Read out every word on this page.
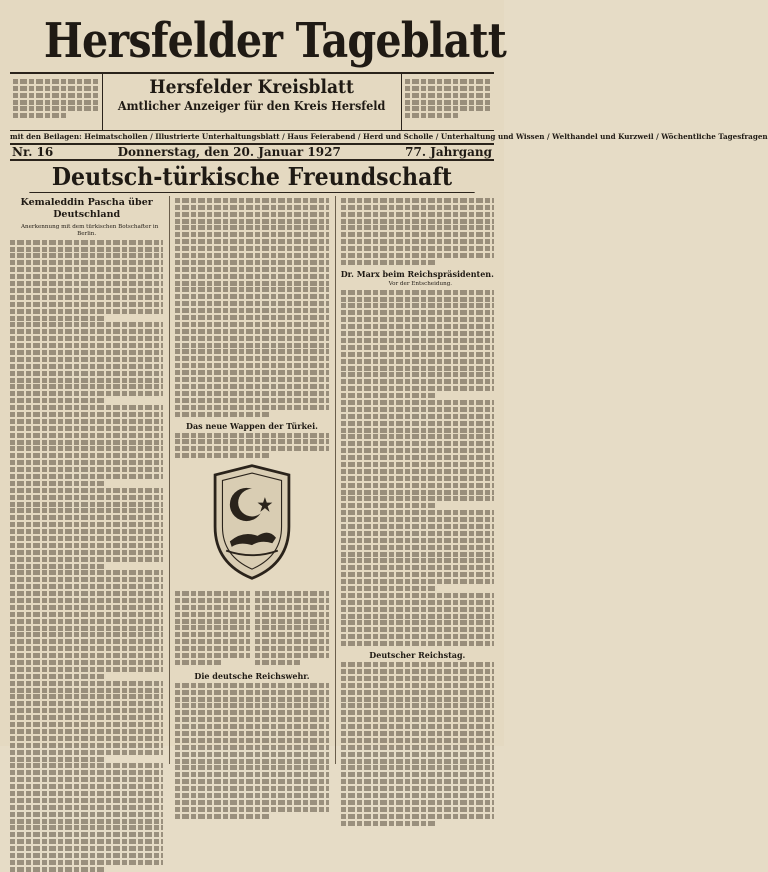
Hersfelder Tageblatt
Hersfelder Kreisblatt
Amtlicher Anzeiger für den Kreis Hersfeld
mit den Beilagen: Heimatschollen / Illustrierte Unterhaltungsblatt / Haus Feierabend / Herd und Scholle / Unterhaltung und Wissen / Welthandel und Kurzweil / Wöchentliche Tagesfragen
Nr. 16	Donnerstag, den 20. Januar 1927	77. Jahrgang
Deutsch-türkische Freundschaft
Kemaleddin Pascha über Deutschland

Anerkennung mit dem türkischen Botschafter in Berlin.

Das neue Wappen der Türkei.
Die deutsche Reichswehr.
Dr. Marx beim Reichspräsidenten.

Vor der Entscheidung.

Deutscher Reichstag.
